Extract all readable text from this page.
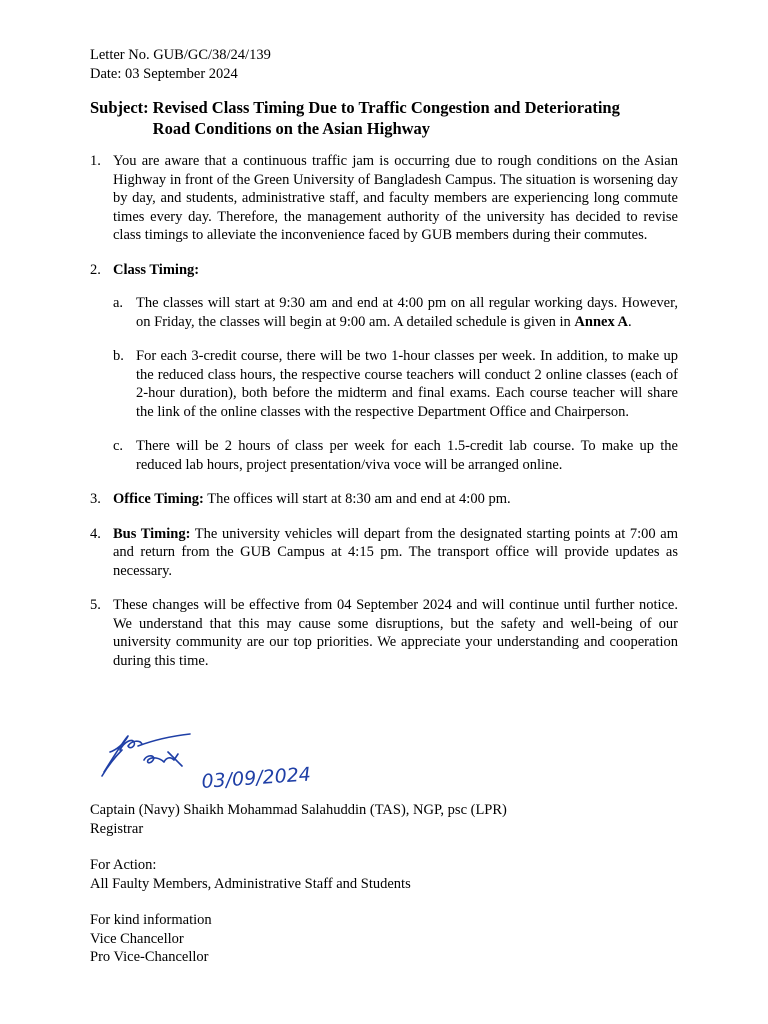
Letter No. GUB/GC/38/24/139

Date: 03 September 2024

Subject: Revised Class Timing Due to Traffic Congestion and Deteriorating
Road Conditions on the Asian Highway
1. You are aware that a continuous traffic jam is occurring due to rough conditions on the Asian Highway in front of the Green University of Bangladesh Campus. The situation is worsening day by day, and students, administrative staff, and faculty members are experiencing long commute times every day. Therefore, the management authority of the university has decided to revise class timings to alleviate the inconvenience faced by GUB members during their commutes.
2. Class Timing:
a. The classes will start at 9:30 am and end at 4:00 pm on all regular working days. However, on Friday, the classes will begin at 9:00 am. A detailed schedule is given in Annex A.
b. For each 3-credit course, there will be two 1-hour classes per week. In addition, to make up the reduced class hours, the respective course teachers will conduct 2 online classes (each of 2-hour duration), both before the midterm and final exams. Each course teacher will share the link of the online classes with the respective Department Office and Chairperson.
c. There will be 2 hours of class per week for each 1.5-credit lab course. To make up the reduced lab hours, project presentation/viva voce will be arranged online.
3. Office Timing: The offices will start at 8:30 am and end at 4:00 pm.
4. Bus Timing: The university vehicles will depart from the designated starting points at 7:00 am and return from the GUB Campus at 4:15 pm. The transport office will provide updates as necessary.
5. These changes will be effective from 04 September 2024 and will continue until further notice. We understand that this may cause some disruptions, but the safety and well-being of our university community are our top priorities. We appreciate your understanding and cooperation during this time.
03/09/2024

Captain (Navy) Shaikh Mohammad Salahuddin (TAS), NGP, psc (LPR)

Registrar

For Action:

All Faulty Members, Administrative Staff and Students

For kind information

Vice Chancellor

Pro Vice-Chancellor
